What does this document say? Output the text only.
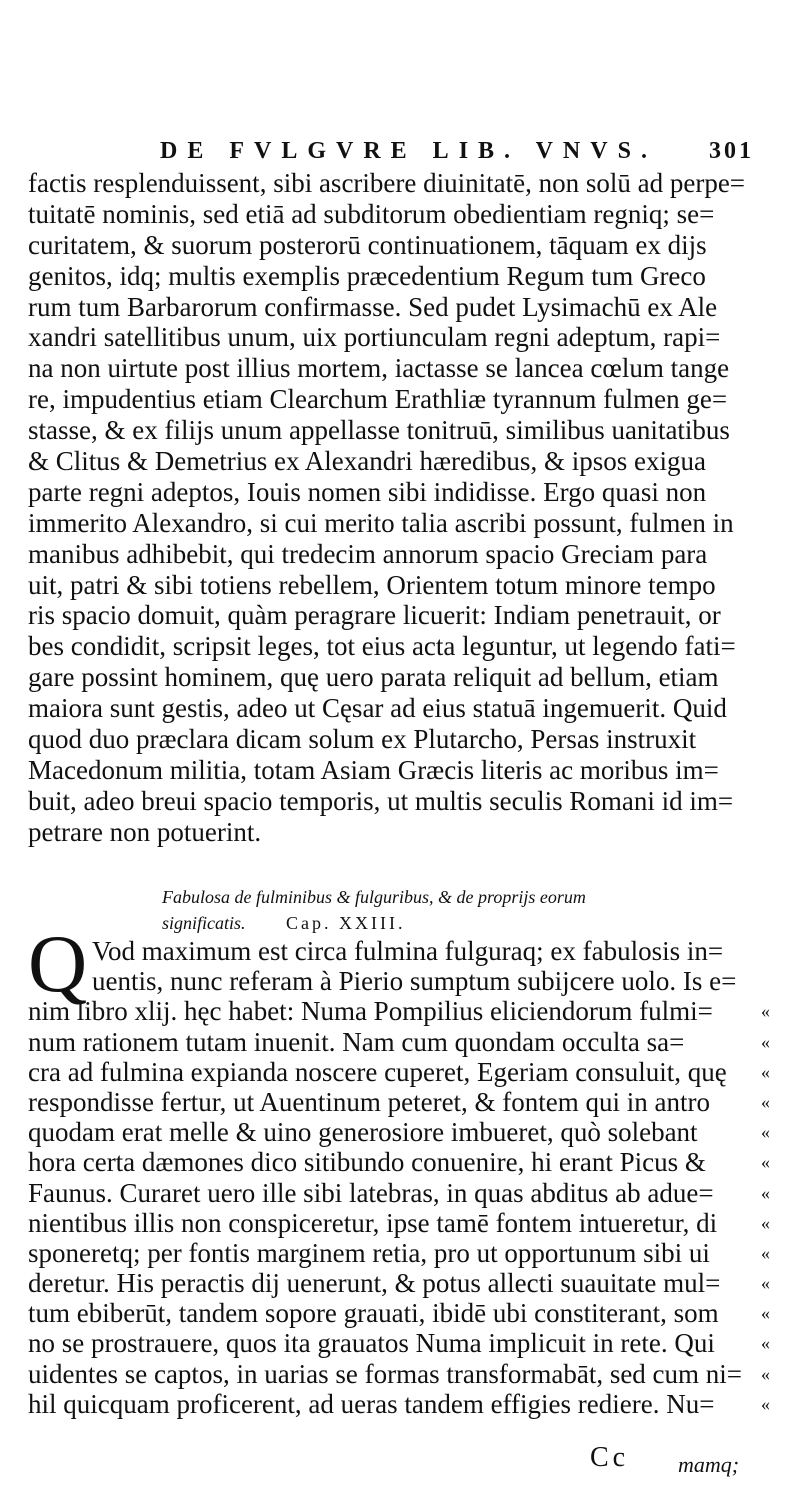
DE FVLGVRE LIB. VNVS. 301
factis resplenduissent, sibi ascribere diuinitatē, non solū ad perpe=
tuitatē nominis, sed etiā ad subditorum obedientiam regniq; se=
curitatem, & suorum posterorū continuationem, tāquam ex dijs
genitos, idq; multis exemplis præcedentium Regum tum Greco
rum tum Barbarorum confirmasse. Sed pudet Lysimachū ex Ale
xandri satellitibus unum, uix portiunculam regni adeptum, rapi=
na non uirtute post illius mortem, iactasse se lancea cœlum tange
re, impudentius etiam Clearchum Erathliæ tyrannum fulmen ge=
stasse, & ex filijs unum appellasse tonitruū, similibus uanitatibus
& Clitus & Demetrius ex Alexandri hæredibus, & ipsos exigua
parte regni adeptos, Iouis nomen sibi indidisse. Ergo quasi non
immerito Alexandro, si cui merito talia ascribi possunt, fulmen in
manibus adhibebit, qui tredecim annorum spacio Greciam para
uit, patri & sibi totiens rebellem, Orientem totum minore tempo
ris spacio domuit, quàm peragrare licuerit: Indiam penetrauit, or
bes condidit, scripsit leges, tot eius acta leguntur, ut legendo fati=
gare possint hominem, quę uero parata reliquit ad bellum, etiam
maiora sunt gestis, adeo ut Cęsar ad eius statuā ingemuerit. Quid
quod duo præclara dicam solum ex Plutarcho, Persas instruxit
Macedonum militia, totam Asiam Græcis literis ac moribus im=
buit, adeo breui spacio temporis, ut multis seculis Romani id im=
petrare non potuerint.
Fabulosa de fulminibus & fulguribus, & de proprijs eorum
significatis. Cap. XXIII.
Q Vod maximum est circa fulmina fulguraq; ex fabulosis in=
uentis, nunc referam à Pierio sumptum subijcere uolo. Is e=
nim libro xlij. hęc habet: Numa Pompilius eliciendorum fulmi=	«
num rationem tutam inuenit. Nam cum quondam occulta sa=	«
cra ad fulmina expianda noscere cuperet, Egeriam consuluit, quę «
respondisse fertur, ut Auentinum peteret, & fontem qui in antro	«
quodam erat melle & uino generosiore imbueret, quò solebant	«
hora certa dæmones dico sitibundo conuenire, hi erant Picus &	«
Faunus. Curaret uero ille sibi latebras, in quas abditus ab adue=	«
nientibus illis non conspiceretur, ipse tamē fontem intueretur, di «
sponeretq; per fontis marginem retia, pro ut opportunum sibi ui	«
deretur. His peractis dij uenerunt, & potus allecti suauitate mul= «
tum ebiberūt, tandem sopore grauati, ibidē ubi constiterant, som «
no se prostrauere, quos ita grauatos Numa implicuit in rete. Qui	«
uidentes se captos, in uarias se formas transformabāt, sed cum ni= «
hil quicquam proficerent, ad ueras tandem effigies rediere. Nu=	«
Cc mamq;
